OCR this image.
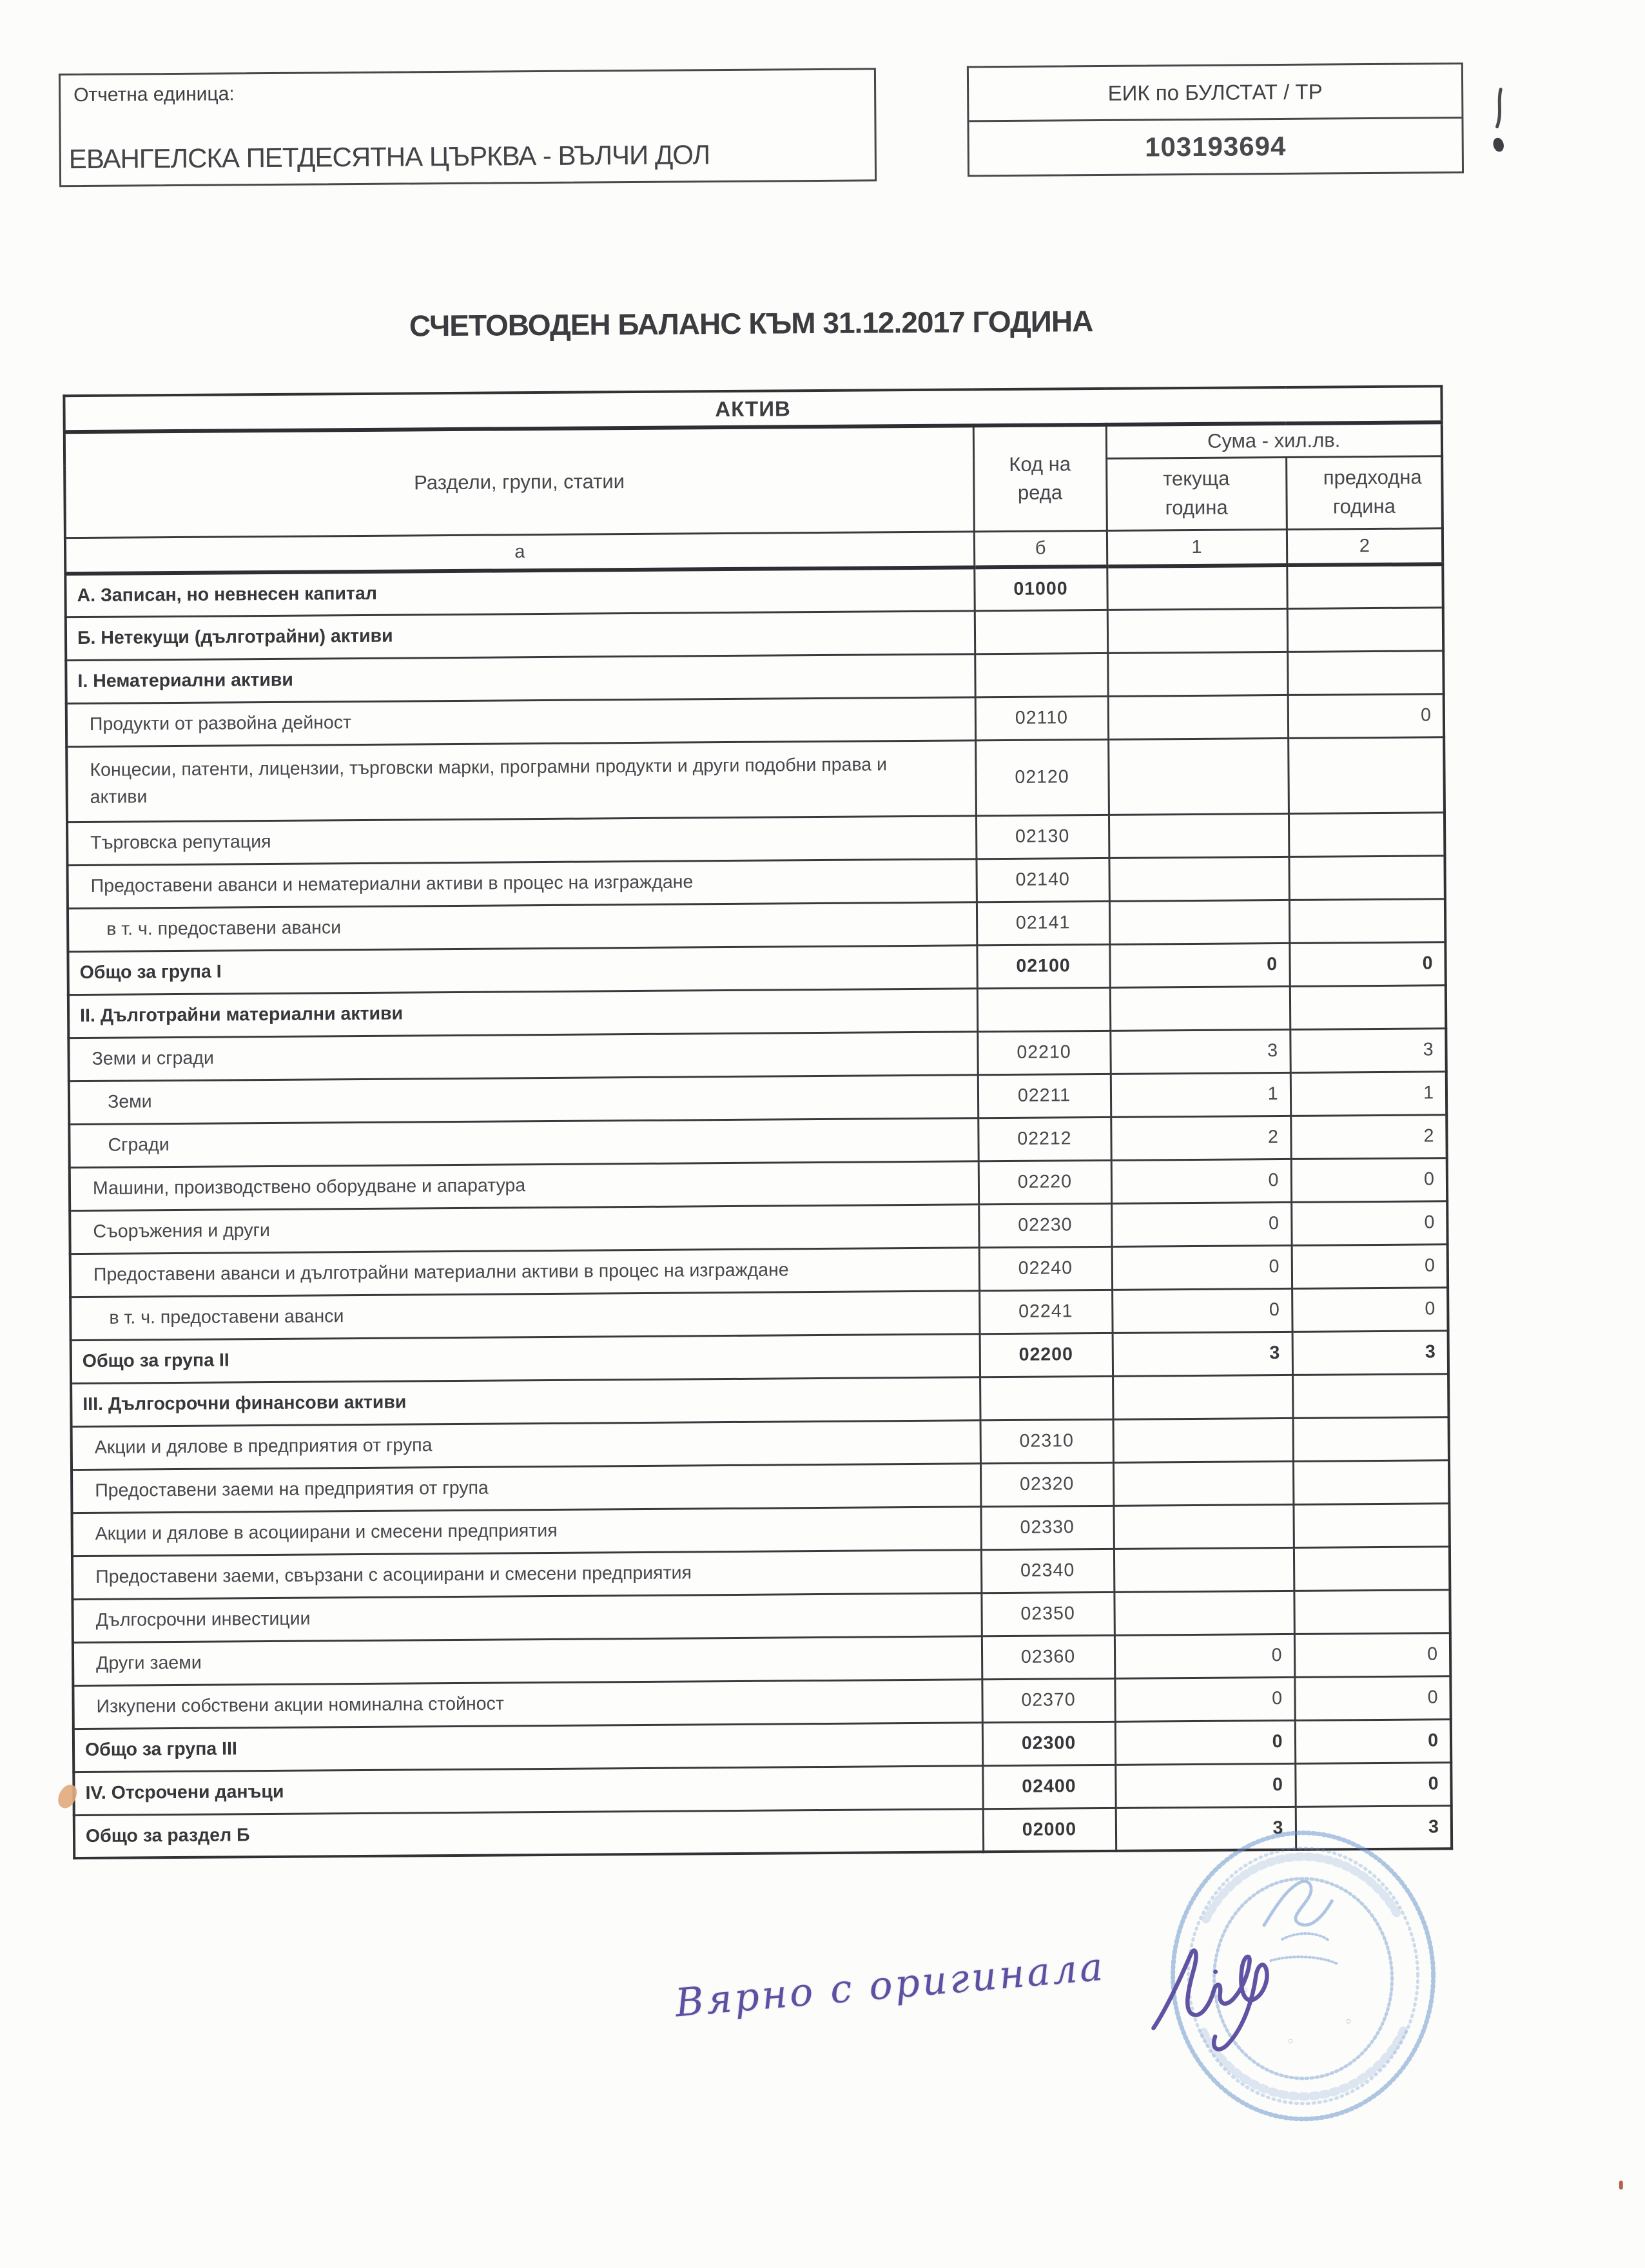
Отчетна единица:
ЕВАНГЕЛСКА ПЕТДЕСЯТНА ЦЪРКВА - ВЪЛЧИ ДОЛ
ЕИК по БУЛСТАТ / ТР
103193694
СЧЕТОВОДЕН БАЛАНС КЪМ 31.12.2017 ГОДИНА
АКТИВ			
Раздели, групи, статии	Код на реда	Сума - хил.лв.	
		текуща година	предходна година
а	б	1	2
А. Записан, но невнесен капитал	01000		
Б. Нетекущи (дълготрайни) активи			
I. Нематериални активи			
Продукти от развойна дейност	02110		0
Концесии, патенти, лицензии, търговски марки, програмни продукти и други подобни права и активи	02120		
Търговска репутация	02130		
Предоставени аванси и нематериални активи в процес на изграждане	02140		
в т. ч. предоставени аванси	02141		
Общо за група I	02100	0	0
II. Дълготрайни материални активи			
Земи и сгради	02210	3	3
Земи	02211	1	1
Сгради	02212	2	2
Машини, производствено оборудване и апаратура	02220	0	0
Съоръжения и други	02230	0	0
Предоставени аванси и дълготрайни материални активи в процес на изграждане	02240	0	0
в т. ч. предоставени аванси	02241	0	0
Общо за група II	02200	3	3
III. Дългосрочни финансови активи			
Акции и дялове в предприятия от група	02310		
Предоставени заеми на предприятия от група	02320		
Акции и дялове в асоциирани и смесени предприятия	02330		
Предоставени заеми, свързани с асоциирани и смесени предприятия	02340		
Дългосрочни инвестиции	02350		
Други заеми	02360	0	0
Изкупени собствени акции номинална стойност	02370	0	0
Общо за група III	02300	0	0
IV. Отсрочени данъци	02400	0	0
Общо за раздел Б	02000	3	3
Вярно с оригинала
